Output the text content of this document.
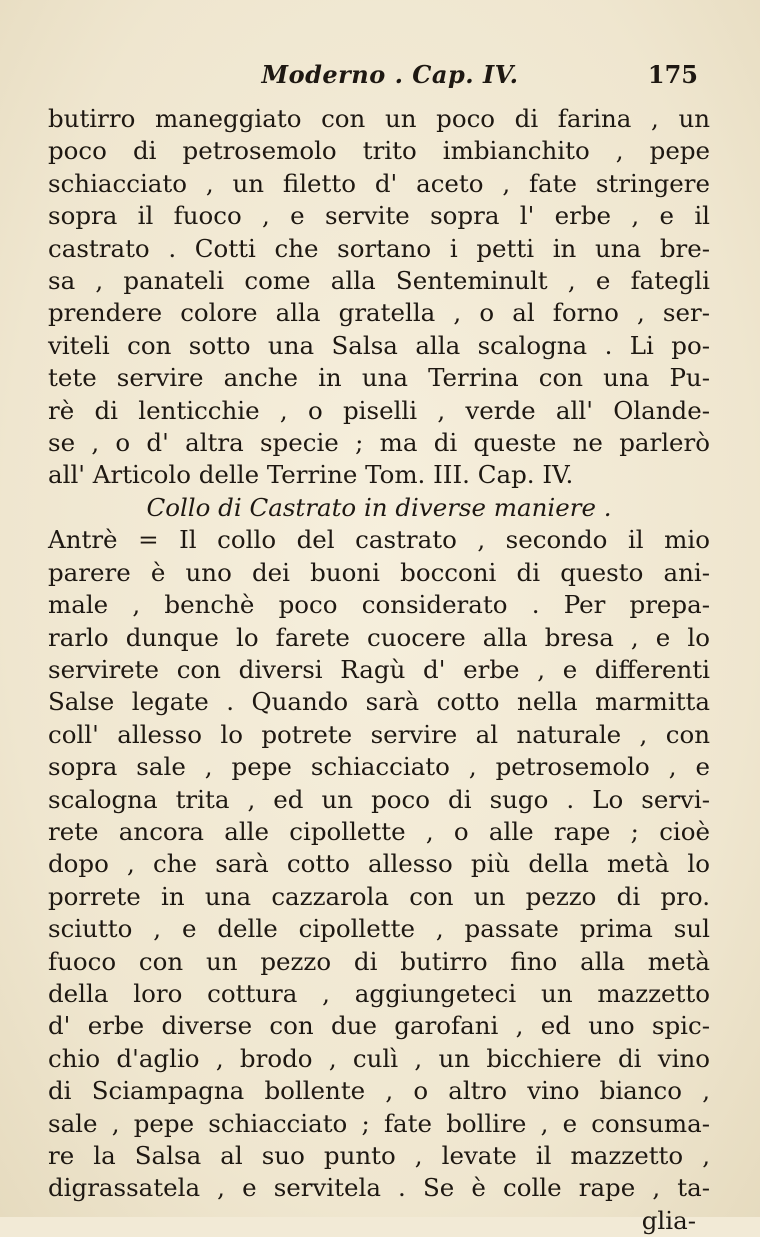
Moderno . Cap. IV.	175
butirro maneggiato con un poco di farina , un
poco di petrosemolo trito imbianchito , pepe
schiacciato , un filetto d' aceto , fate stringere
sopra il fuoco , e servite sopra l' erbe , e il
castrato . Cotti che sortano i petti in una bre-
sa , panateli come alla Senteminult , e fategli
prendere colore alla gratella , o al forno , ser-
viteli con sotto una Salsa alla scalogna . Li po-
tete servire anche in una Terrina con una Pu-
rè di lenticchie , o piselli , verde all' Olande-
se , o d' altra specie ; ma di queste ne parlerò
all' Articolo delle Terrine Tom. III. Cap. IV.
Collo di Castrato in diverse maniere .
Antrè = Il collo del castrato , secondo il mio
parere è uno dei buoni bocconi di questo ani-
male , benchè poco considerato . Per prepa-
rarlo dunque lo farete cuocere alla bresa , e lo
servirete con diversi Ragù d' erbe , e differenti
Salse legate . Quando sarà cotto nella marmitta
coll' allesso lo potrete servire al naturale , con
sopra sale , pepe schiacciato , petrosemolo , e
scalogna trita , ed un poco di sugo . Lo servi-
rete ancora alle cipollette , o alle rape ; cioè
dopo , che sarà cotto allesso più della metà lo
porrete in una cazzarola con un pezzo di pro.
sciutto , e delle cipollette , passate prima sul
fuoco con un pezzo di butirro fino alla metà
della loro cottura , aggiungeteci un mazzetto
d' erbe diverse con due garofani , ed uno spic-
chio d'aglio , brodo , culì , un bicchiere di vino
di Sciampagna bollente , o altro vino bianco ,
sale , pepe schiacciato ; fate bollire , e consuma-
re la Salsa al suo punto , levate il mazzetto ,
digrassatela , e servitela . Se è colle rape , ta-
glia-
